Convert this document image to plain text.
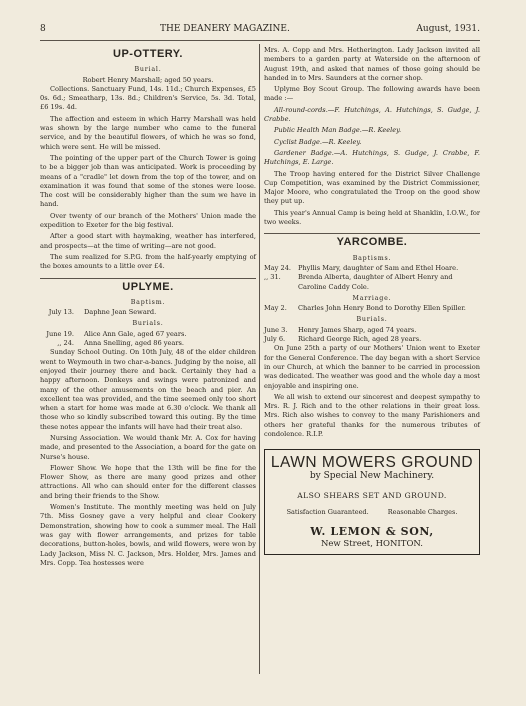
8	THE DEANERY MAGAZINE.	August, 1931.
UP-OTTERY.
Burial.
Robert Henry Marshall; aged 50 years.

Collections. Sanctuary Fund, 14s. 11d.; Church Expenses, £5 0s. 6d.; Smeatharp, 13s. 8d.; Children's Service, 5s. 3d. Total, £6 19s. 4d.

The affection and esteem in which Harry Marshall was held was shown by the large number who came to the funeral service, and by the beautiful flowers, of which he was so fond, which were sent. He will be missed.

The pointing of the upper part of the Church Tower is going to be a bigger job than was anticipated. Work is proceeding by means of a "cradle" let down from the top of the tower, and on examination it was found that some of the stones were loose. The cost will be considerably higher than the sum we have in hand.

Over twenty of our branch of the Mothers' Union made the expedition to Exeter for the big festival.

After a good start with haymaking, weather has interfered, and prospects—at the time of writing—are not good.

The sum realized for S.P.G. from the half-yearly emptying of the boxes amounts to a little over £4.

UPLYME.
Baptism.
July 13.	Daphne Jean Seward.
Burials.
June 19.	Alice Ann Gale, aged 67 years.
,, 24.	Anna Snelling, aged 86 years.

Sunday School Outing. On 10th July, 48 of the elder children went to Weymouth in two char-a-bancs. Judging by the noise, all enjoyed their journey there and back. Certainly they had a happy afternoon. Donkeys and swings were patronized and many of the other amusements on the beach and pier. An excellent tea was provided, and the time seemed only too short when a start for home was made at 6.30 o'clock. We thank all those who so kindly subscribed toward this outing. By the time these notes appear the infants will have had their treat also.

Nursing Association. We would thank Mr. A. Cox for having made, and presented to the Association, a board for the gate on Nurse's house.

Flower Show. We hope that the 13th will be fine for the Flower Show, as there are many good prizes and other attractions. All who can should enter for the different classes and bring their friends to the Show.

Women's Institute. The monthly meeting was held on July 7th. Miss Gosney gave a very helpful and clear Cookery Demonstration, showing how to cook a summer meal. The Hall was gay with flower arrangements, and prizes for table decorations, button-holes, bowls, and wild flowers, were won by Lady Jackson, Miss N. C. Jackson, Mrs. Holder, Mrs. James and Mrs. Copp. Tea hostesses were

Mrs. A. Copp and Mrs. Hetherington. Lady Jackson invited all members to a garden party at Waterside on the afternoon of August 19th, and asked that names of those going should be handed in to Mrs. Saunders at the corner shop.

Uplyme Boy Scout Group. The following awards have been made :—

All-round-cords.—F. Hutchings, A. Hutchings, S. Gudge, J. Crabbe.

Public Health Man Badge.—R. Keeley.

Cyclist Badge.—R. Keeley.

Gardener Badge.—A. Hutchings, S. Gudge, J. Crabbe, F. Hutchings, E. Large.

The Troop having entered for the District Silver Challenge Cup Competition, was examined by the District Commissioner, Major Moore, who congratulated the Troop on the good show they put up.

This year's Annual Camp is being held at Shanklin, I.O.W., for two weeks.

YARCOMBE.
Baptisms.
May 24.	Phyllis Mary, daughter of Sam and Ethel Hoare.
,, 31.	Brenda Alberta, daughter of Albert Henry and Caroline Caddy Cole.
Marriage.
May 2.	Charles John Henry Bond to Dorothy Ellen Spiller.
Burials.
June 3.	Henry James Sharp, aged 74 years.
July 6.	Richard George Rich, aged 28 years.

On June 25th a party of our Mothers' Union went to Exeter for the General Conference. The day began with a short Service in our Church, at which the banner to be carried in procession was dedicated. The weather was good and the whole day a most enjoyable and inspiring one.

We all wish to extend our sincerest and deepest sympathy to Mrs. R. J. Rich and to the other relations in their great loss. Mrs. Rich also wishes to convey to the many Parishioners and others her grateful thanks for the numerous tributes of condolence. R.I.P.

LAWN MOWERS GROUND
by Special New Machinery.
ALSO SHEARS SET AND GROUND.
Satisfaction Guaranteed.	Reasonable Charges.
W. LEMON & SON,
New Street, HONITON.
